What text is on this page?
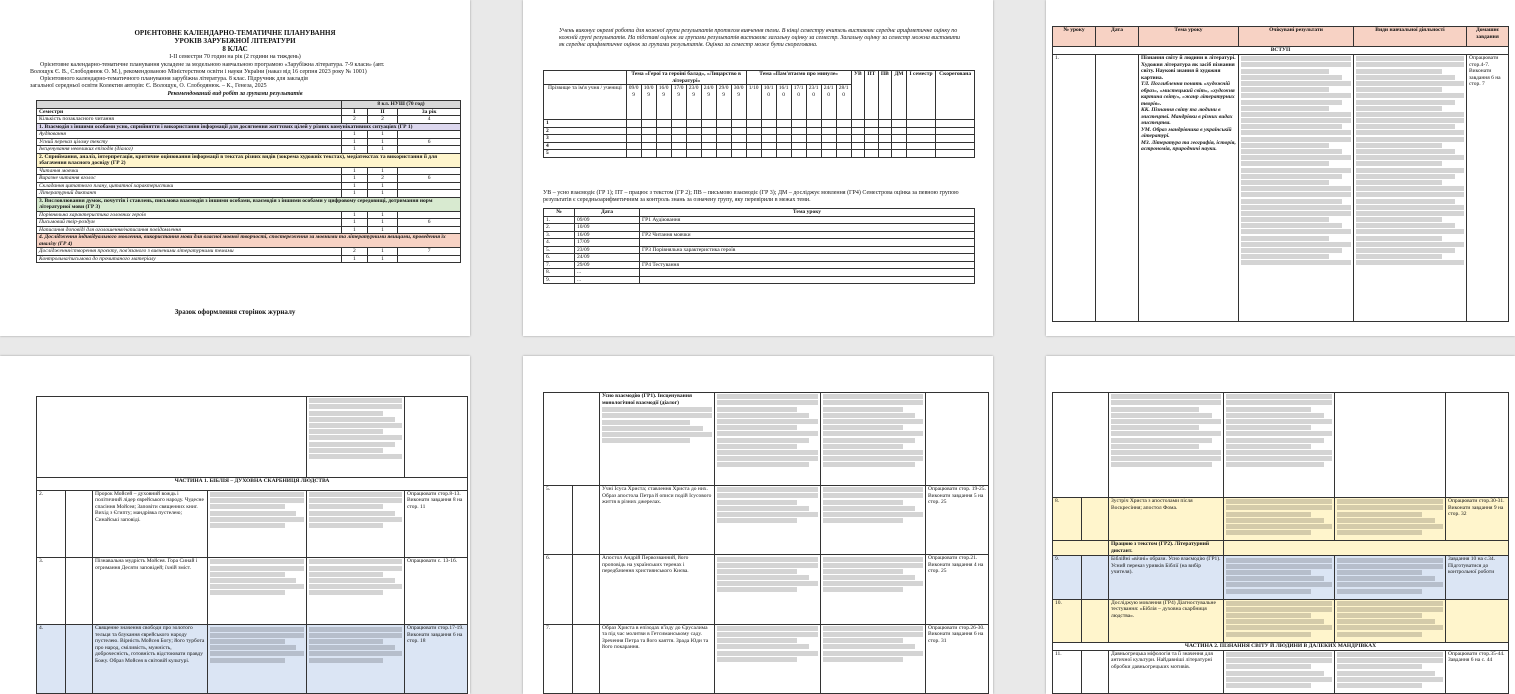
ОРІЄНТОВНЕ КАЛЕНДАРНО-ТЕМАТИЧНЕ ПЛАНУВАННЯ
УРОКІВ ЗАРУБІЖНОЇ ЛІТЕРАТУРИ
8 КЛАС
І-ІІ семестри 70 годин на рік (2 години на тиждень)
Орієнтовне календарно-тематичне планування укладене за модельною навчальною програмою «Зарубіжна література. 7-9 класи» (авт.
Волощук Є. В., Слободянюк О. М.), рекомендованою Міністерством освіти і науки України (наказ від 16 серпня 2023 року № 1001)
Орієнтовного календарно-тематичного планування зарубіжна література. 8 клас. Підручник для закладів
загальної середньої освіти Колектив авторів: Є. Волощук, О. Слободянюк. – К., Генеза, 2025
Рекомендований вид робіт за групами результатів
	8 кл. НУШ (70 год)		
Семестри	І	ІІ	За рік
Кількість позакласного читання	2	2	4
1. Взаємодія з іншими особами усно, сприйняття і використання інформації для досягнення життєвих цілей у різних комунікативних ситуаціях (ГР 1)			
Аудіювання	1	1	
Усний переказ цілому тексту	1	1	6
Інсценування невеликих епізодів (діалог)	1	1	
2. Сприймання, аналіз, інтерпретація, критичне оцінювання інформації в текстах різних видів (зокрема художніх текстах), медіатекстах та використання її для збагачення власного досвіду (ГР 2)			
Читання мовчки	1	1	
Виразне читання вголос	1	2	6
Складання цитатного плану, цитатної характеристики	1	1	
Літературний диктант	1	1	
3. Висловлювання думок, почуттів і ставлень, письмова взаємодія з іншими особами, взаємодія з іншими особами у цифровому середовищі, дотримання норм літературної мови (ГР 3)			
Порівняльна характеристика головних героїв	1	1	
Письмовий твір-роздум	1	1	6
Написання доповіді для оголошення/написання повідомлення	1	1	
4. Дослідження індивідуального мовлення, використання мови для власної мовної творчості, спостереження за мовними та літературними явищами, проведення їх аналізу (ГР 4)			
Дослідження/створення проєкту, пов'язаного з вивченими літературними темами	2	1	7
Контрольна/письмова до прочитаного матеріалу	1	1	
Зразок оформлення сторінок журналу
Учень виконує окремі роботи для кожної групи результатів протягом вивчення теми. В кінці семестру вчитель виставляє середнє арифметичне оцінку по кожній групі результатів. На підставі оцінок за групами результатів виставляє загальну оцінку за семестр. Загальну оцінку за семестр можна виставити як середнє арифметичне оцінок за групами результатів. Оцінка за семестр може бути скорегована.
	Тема «Герої та героїні балад», «Лицарство в літературі»								Тема «Пам'ятаємо про минуле»							УВ	ПТ	ПВ	ДМ	І семестр	Скорегована
Прізвище та ім'я учня / учениці	09/09	10/09	16/09	17/09	23/09	24/09	29/09	30/09	1/10	10/10	16/10	17/10	23/10	24/10	28/10						
1																					
2																					
3																					
4																					
5																					
УВ – усно взаємодіє (ГР 1); ПТ – працює з текстом (ГР 2); ПВ – письмово взаємодіє (ГР 3); ДМ – досліджує мовлення (ГР4) Семестрова оцінка за певною групою результатів є середньоарифметичним за контроль знань за означену групу, яку перевірили в межах теми.
№	Дата	Тема уроку
1.	09/09	ГР1 Аудіювання
2.	10/09	
3.	16/09	ГР2 Читання мовчки
4.	17/09	
5.	23/09	ГР3 Порівняльна характеристика героїв
6.	24/09	
7.	29/09	ГР4 Тестування
8.	...	
9.	...	
№ уроку	Дата	Тема уроку	Очікувані результати	Види навчальної діяльності	Домашнє завдання
ВСТУП					
1.		Пізнання світу й людини в літературі. Художня література як засіб пізнання світу. Наукові знання й художня картина.
ТЛ. Поглиблення понять «художній образ», «мистецький світ», «художня картина світу», «жанр літературних творів».
КК. Пізнання світу та людини в мистецтві. Мандрівки в різних видах мистецтва.
УМ. Образ мандрівника в українській літературі.
МЗ. Література та географія, історія, астрономія, природничі науки.			Опрацювати стор.4-7. Виконати завдання 6 на стор. 7

ЧАСТИНА 1. БІБЛІЯ – ДУХОВНА СКАРБНИЦЯ ЛЮДСТВА					
2.		Пророк Мойсей – духовний вождь і політичний лідер єврейського народу. Чудесне спасіння Мойсея; Заповіти священних книг. Вихід з Єгипту; мандрівка пустелею; Синайські заповіді.			Опрацювати стор.8-13. Виконати завдання 8 на стор. 11
3.		Пізнавальна мудрість Мойсея. Гора Синай і отримання Десяти заповідей; їхній зміст.			Опрацювати с. 13-16.
4.		Священне значення свободи про золотого тельця та блукання єврейського народу пустелею. Вірність Мойсея Богу; його турбота про народ, сміливість, мужність, доброчесність, готовність відстоювати правду Божу. Образ Мойсея в світовій культурі.			Опрацювати стор.17-19. Виконати завдання 6 на стор. 18

		Усно взаємодію (ГР1). Інсценування монологічної взаємодії (діалог)			

5.		Учні Ісуса Христа; ставлення Христа до них. Образ апостола Петра й описи подій Ісусового життя в різних джерелах.			Опрацювати стор. 19-25. Виконати завдання 5 на стор. 25
6.		Апостол Андрій Первозванний, його проповідь на українських теренах і передбачення християнського Києва.			Опрацювати стор.21. Виконати завдання 4 на стор. 25
7.		Образ Христа в епізодах в'їзду до Єрусалима та під час молитви в Гетсиманському саду. Зречення Петра та його каяття. Зрада Юди та його покарання.			Опрацювати стор.26-30. Виконати завдання 6 на стор. 31

8.		Зустріч Христа з апостолами після Воскресіння; апостол Фома.			Опрацювати стор.30-31. Виконати завдання 9 на стор. 32
		Працюю з текстом (ГР2). Літературний диктант.			
9.		Біблійні «вічні» образи. Усно взаємодію (ГР1). Усний переказ уривків Біблії (на вибір учителя).			Завдання 10 на с.34. Підготуватися до контрольної роботи
10.		Досліджую мовлення (ГР4) Діагностувальне тестування: «Біблія – духовна скарбниця людства».	

ЧАСТИНА 2. ПІЗНАННЯ СВІТУ Й ЛЮДИНИ В ДАЛЕКИХ МАНДРІВКАХ					
11.		Давньогрецька міфологія та її значення для античної культури. Найдавніші літературні обробки давньогрецьких мотивів.			Опрацювати стор.35-44. Завдання 6 на с. 44
